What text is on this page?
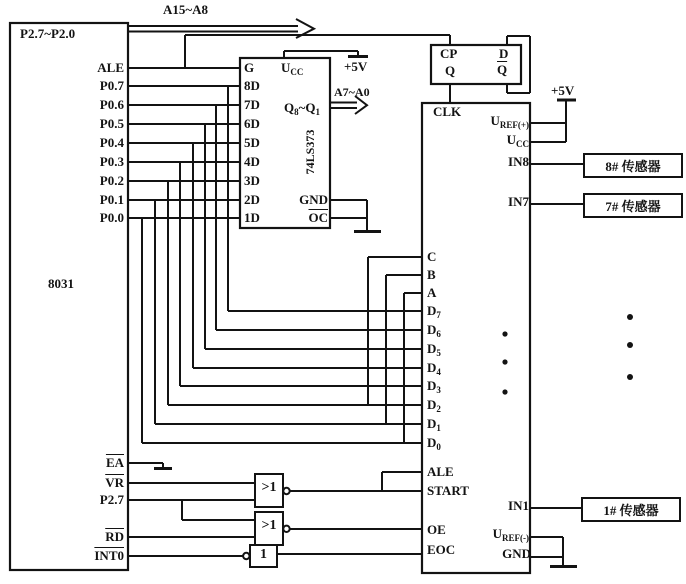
A15~A8
A7~A0
P2.7~P2.0
ALE
P0.7
P0.6
P0.5
P0.4
P0.3
P0.2
P0.1
P0.0
8031
$\overline{EA}$
$\overline{VR}$
P2.7
$\overline{RD}$
INT0
G $U_{CC}$
8D
7D
6D
5D
4D
3D
2D
1D
$Q_8\sim Q_1$
GND
$\overline{OC}$
74LS373
+5V
+5V
CP
Q
D
$\overline{Q}$
CLK
C
B
A
$D_7$
$D_6$
$D_5$
$D_4$
$D_3$
$D_2$
$D_1$
$D_0$
ALE
START
OE
EOC
$U_{REF(+)}$
$U_{CC}$
IN8
IN7
IN1
$U_{REF(-)}$
GND
>1
>1
1
8# 传感器
7# 传感器
1# 传感器
